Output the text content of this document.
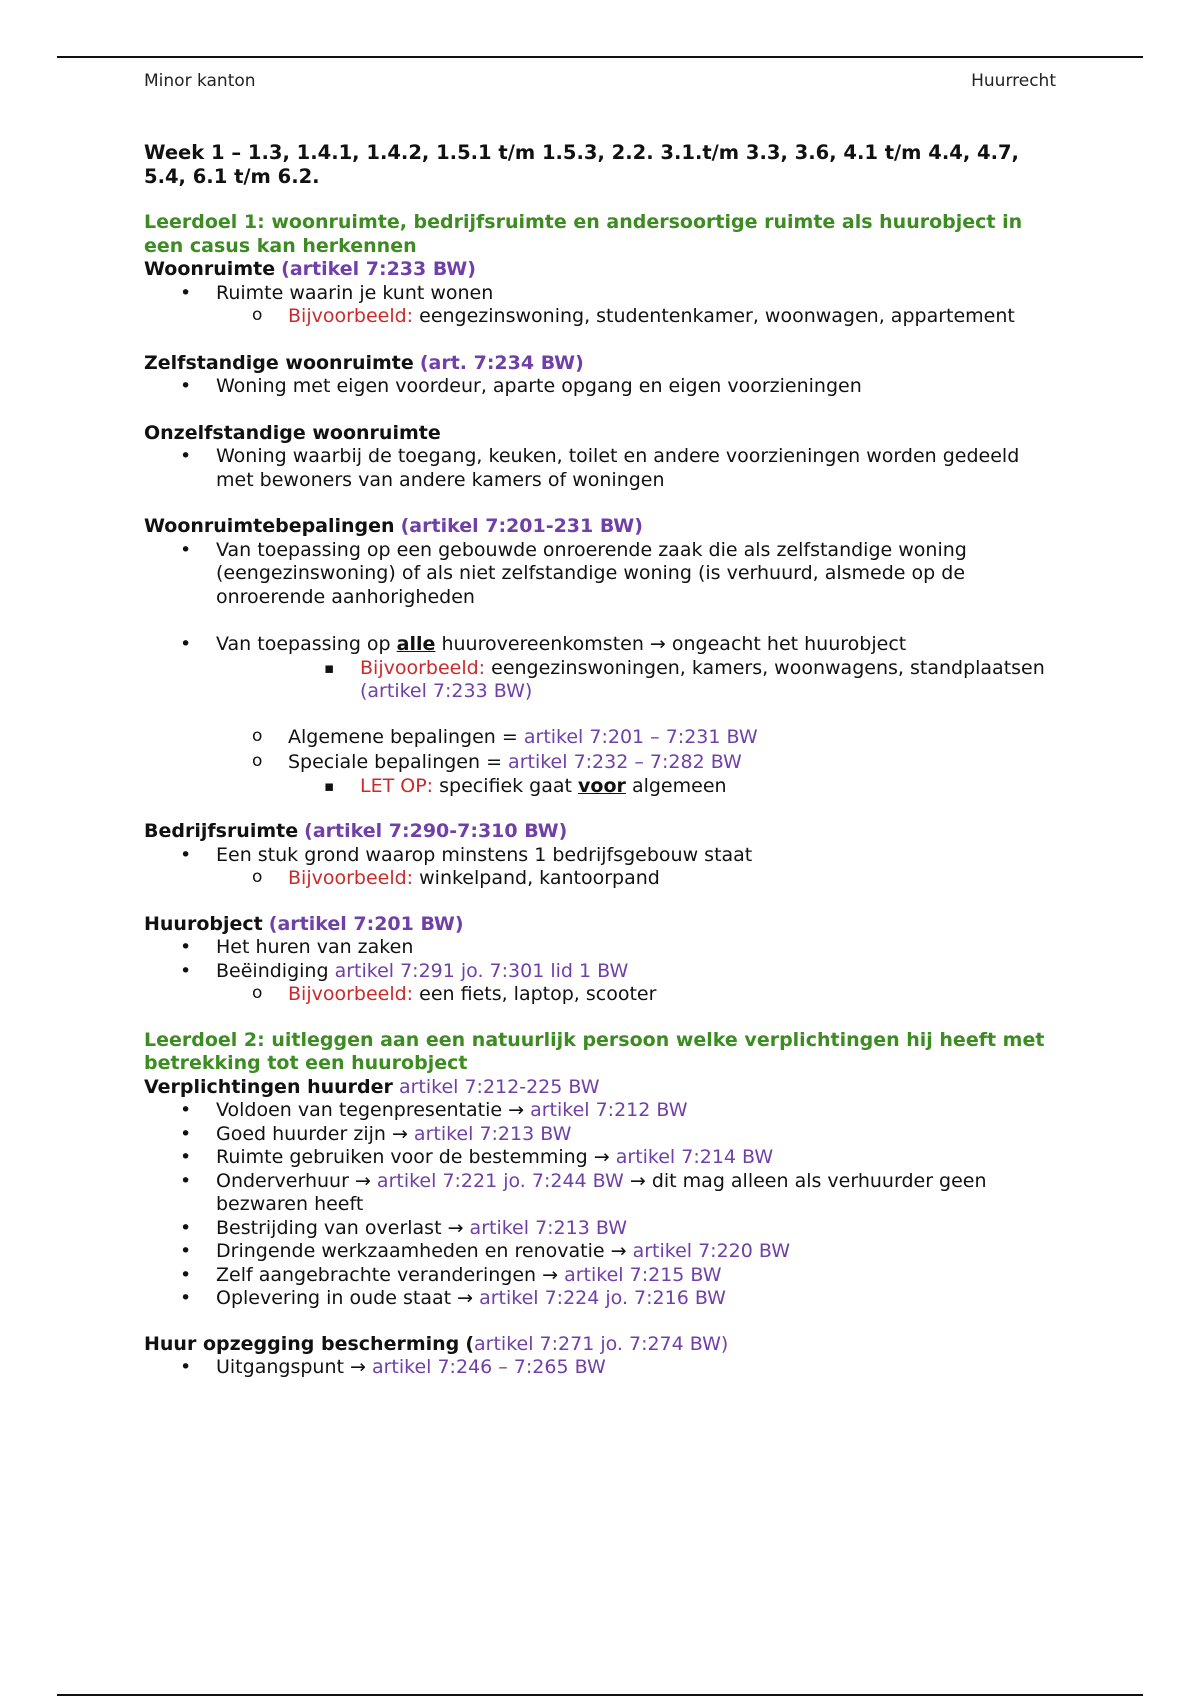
Minor kanton	Huurrecht

Week 1 – 1.3, 1.4.1, 1.4.2, 1.5.1 t/m 1.5.3, 2.2. 3.1.t/m 3.3, 3.6, 4.1 t/m 4.4, 4.7, 5.4, 6.1 t/m 6.2.

Leerdoel 1: woonruimte, bedrijfsruimte en andersoortige ruimte als huurobject in een casus kan herkennen

Woonruimte (artikel 7:233 BW)

• Ruimte waarin je kunt wonen
o Bijvoorbeeld: eengezinswoning, studentenkamer, woonwagen, appartement

Zelfstandige woonruimte (art. 7:234 BW)

• Woning met eigen voordeur, aparte opgang en eigen voorzieningen

Onzelfstandige woonruimte

• Woning waarbij de toegang, keuken, toilet en andere voorzieningen worden gedeeld met bewoners van andere kamers of woningen

Woonruimtebepalingen (artikel 7:201-231 BW)

• Van toepassing op een gebouwde onroerende zaak die als zelfstandige woning (eengezinswoning) of als niet zelfstandige woning (is verhuurd, alsmede op de onroerende aanhorigheden
• Van toepassing op alle huurovereenkomsten → ongeacht het huurobject
▪ Bijvoorbeeld: eengezinswoningen, kamers, woonwagens, standplaatsen (artikel 7:233 BW)
o Algemene bepalingen = artikel 7:201 – 7:231 BW
o Speciale bepalingen = artikel 7:232 – 7:282 BW
▪ LET OP: specifiek gaat voor algemeen

Bedrijfsruimte (artikel 7:290-7:310 BW)

• Een stuk grond waarop minstens 1 bedrijfsgebouw staat
o Bijvoorbeeld: winkelpand, kantoorpand

Huurobject (artikel 7:201 BW)

• Het huren van zaken
• Beëindiging artikel 7:291 jo. 7:301 lid 1 BW
o Bijvoorbeeld: een fiets, laptop, scooter

Leerdoel 2: uitleggen aan een natuurlijk persoon welke verplichtingen hij heeft met betrekking tot een huurobject

Verplichtingen huurder artikel 7:212-225 BW

• Voldoen van tegenpresentatie → artikel 7:212 BW
• Goed huurder zijn → artikel 7:213 BW
• Ruimte gebruiken voor de bestemming → artikel 7:214 BW
• Onderverhuur → artikel 7:221 jo. 7:244 BW → dit mag alleen als verhuurder geen bezwaren heeft
• Bestrijding van overlast → artikel 7:213 BW
• Dringende werkzaamheden en renovatie → artikel 7:220 BW
• Zelf aangebrachte veranderingen → artikel 7:215 BW
• Oplevering in oude staat → artikel 7:224 jo. 7:216 BW

Huur opzegging bescherming (artikel 7:271 jo. 7:274 BW)

• Uitgangspunt → artikel 7:246 – 7:265 BW
